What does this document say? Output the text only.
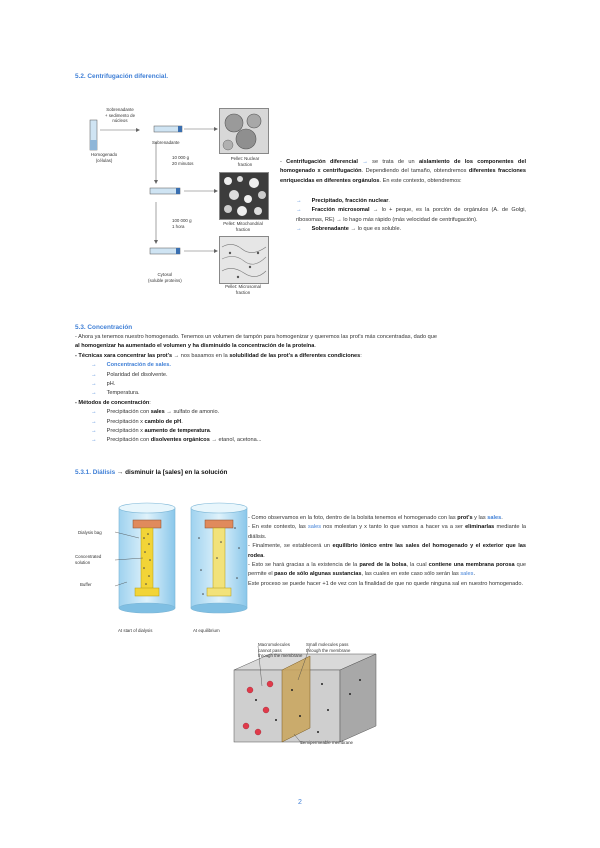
5.2. Centrifugación diferencial.
Homogenado
(células)
Sobrenadante
+ sedimento de
núcleos
Sobrenadante
10 000 g
20 minutos
100 000 g
1 hora
Cytosol
(soluble proteins)
Pellet: Nuclear
fraction
Pellet: Mitochondrial
fraction
Pellet: Microsomal
fraction
- Centrifugación diferencial → se trata de un aislamiento de los componentes del homogenado x centrifugación. Dependiendo del tamaño, obtendremos diferentes fracciones enriquecidas en diferentes orgánulos. En este contexto, obtendremos:
→ Precipitado, fracción nuclear.
→ Fracción microsomal → lo + peque, es la porción de orgánulos (A. de Golgi, ribosomas, RE) → lo hago más rápido (más velocidad de centrifugación).
→ Sobrenadante → lo que es soluble.
5.3. Concentración
- Ahora ya tenemos nuestro homogenado. Tenemos un volumen de tampón para homogenizar y queremos las prot's más concentradas, dado que
al homogenizar ha aumentado el volumen y ha disminuido la concentración de la proteína.
- Técnicas xara concentrar las prot's → nos basamos en la solubilidad de las prot's a diferentes condiciones:
→ Concentración de sales.
→ Polaridad del disolvente.
→ pH.
→ Temperatura.
- Métodos de concentración:
→ Precipitación con sales → sulfato de amonio.
→ Precipitación x cambio de pH.
→ Precipitación x aumento de temperatura.
→ Precipitación con disolventes orgánicos → etanol, acetona...
5.3.1. Diálisis → disminuir la [sales] en la solución
Dialysis bag
Concentrated
solution
Buffer
At start of dialysis	At equilibrium
- Como observamos en la foto, dentro de la bolsita tenemos el homogenado con las prot's y las sales.
- En este contexto, las sales nos molestan y x tanto lo que vamos a hacer va a ser eliminarlas mediante la diálisis.
- Finalmente, se establecerá un equilibrio iónico entre las sales del homogenado y el exterior que las rodea.
- Esto se hará gracias a la existencia de la pared de la bolsa, la cual contiene una membrana porosa que permite el paso de sólo algunas sustancias, las cuales en este caso sólo serán las sales.
Este proceso se puede hacer +1 de vez con la finalidad de que no quede ninguna sal en nuestro homogenado.
Macromolecules
cannot pass
through the membrane
Small molecules pass
through the membrane
Semipermeable membrane
2
